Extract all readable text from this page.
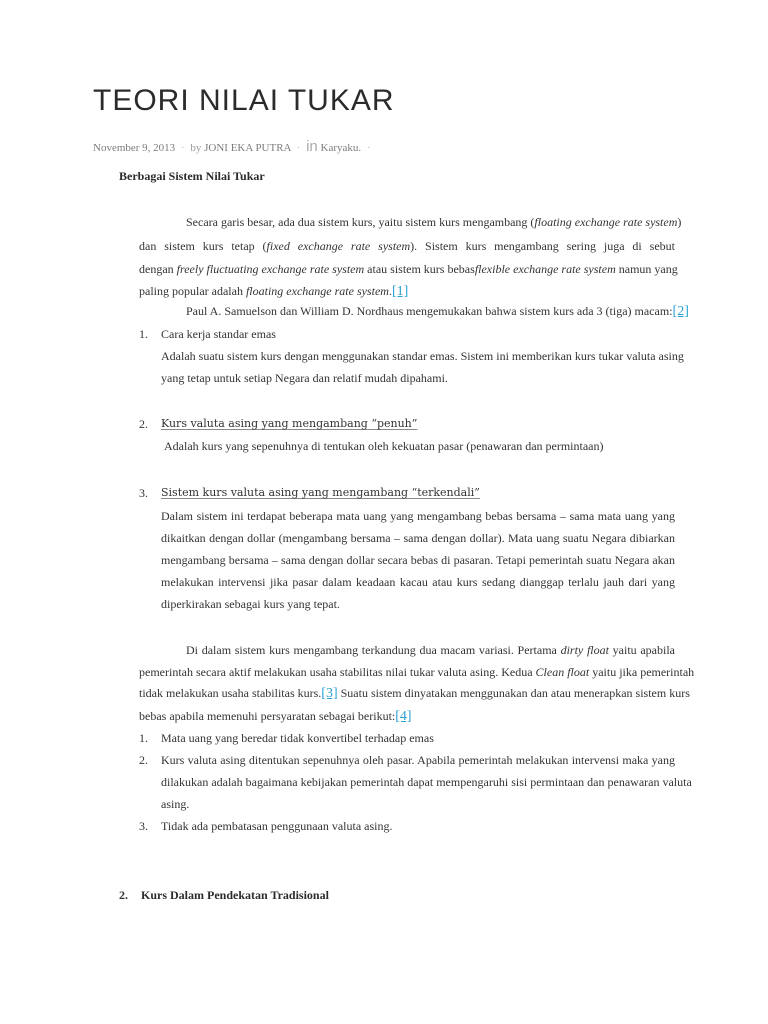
TEORI NILAI TUKAR
November 9, 2013 · by JONI EKA PUTRA · in Karyaku. ·
Berbagai Sistem Nilai Tukar
Secara garis besar, ada dua sistem kurs, yaitu sistem kurs mengambang (floating exchange rate system)
dan sistem kurs tetap (fixed exchange rate system). Sistem kurs mengambang sering juga di sebut
dengan freely fluctuating exchange rate system atau sistem kurs bebasflexible exchange rate system namun yang
paling popular adalah floating exchange rate system.[1]
Paul A. Samuelson dan William D. Nordhaus mengemukakan bahwa sistem kurs ada 3 (tiga) macam:[2]
1. Cara kerja standar emas
Adalah suatu sistem kurs dengan menggunakan standar emas. Sistem ini memberikan kurs tukar valuta asing
yang tetap untuk setiap Negara dan relatif mudah dipahami.
2. Kurs valuta asing yang mengambang “penuh”
Adalah kurs yang sepenuhnya di tentukan oleh kekuatan pasar (penawaran dan permintaan)
3. Sistem kurs valuta asing yang mengambang “terkendali”
Dalam sistem ini terdapat beberapa mata uang yang mengambang bebas bersama – sama mata uang yang
dikaitkan dengan dollar (mengambang bersama – sama dengan dollar). Mata uang suatu Negara dibiarkan
mengambang bersama – sama dengan dollar secara bebas di pasaran. Tetapi pemerintah suatu Negara akan
melakukan intervensi jika pasar dalam keadaan kacau atau kurs sedang dianggap terlalu jauh dari yang
diperkirakan sebagai kurs yang tepat.
Di dalam sistem kurs mengambang terkandung dua macam variasi. Pertama dirty float yaitu apabila
pemerintah secara aktif melakukan usaha stabilitas nilai tukar valuta asing. Kedua Clean float yaitu jika pemerintah
tidak melakukan usaha stabilitas kurs.[3] Suatu sistem dinyatakan menggunakan dan atau menerapkan sistem kurs
bebas apabila memenuhi persyaratan sebagai berikut:[4]
1. Mata uang yang beredar tidak konvertibel terhadap emas
2. Kurs valuta asing ditentukan sepenuhnya oleh pasar. Apabila pemerintah melakukan intervensi maka yang
dilakukan adalah bagaimana kebijakan pemerintah dapat mempengaruhi sisi permintaan dan penawaran valuta
asing.
3. Tidak ada pembatasan penggunaan valuta asing.
2. Kurs Dalam Pendekatan Tradisional
